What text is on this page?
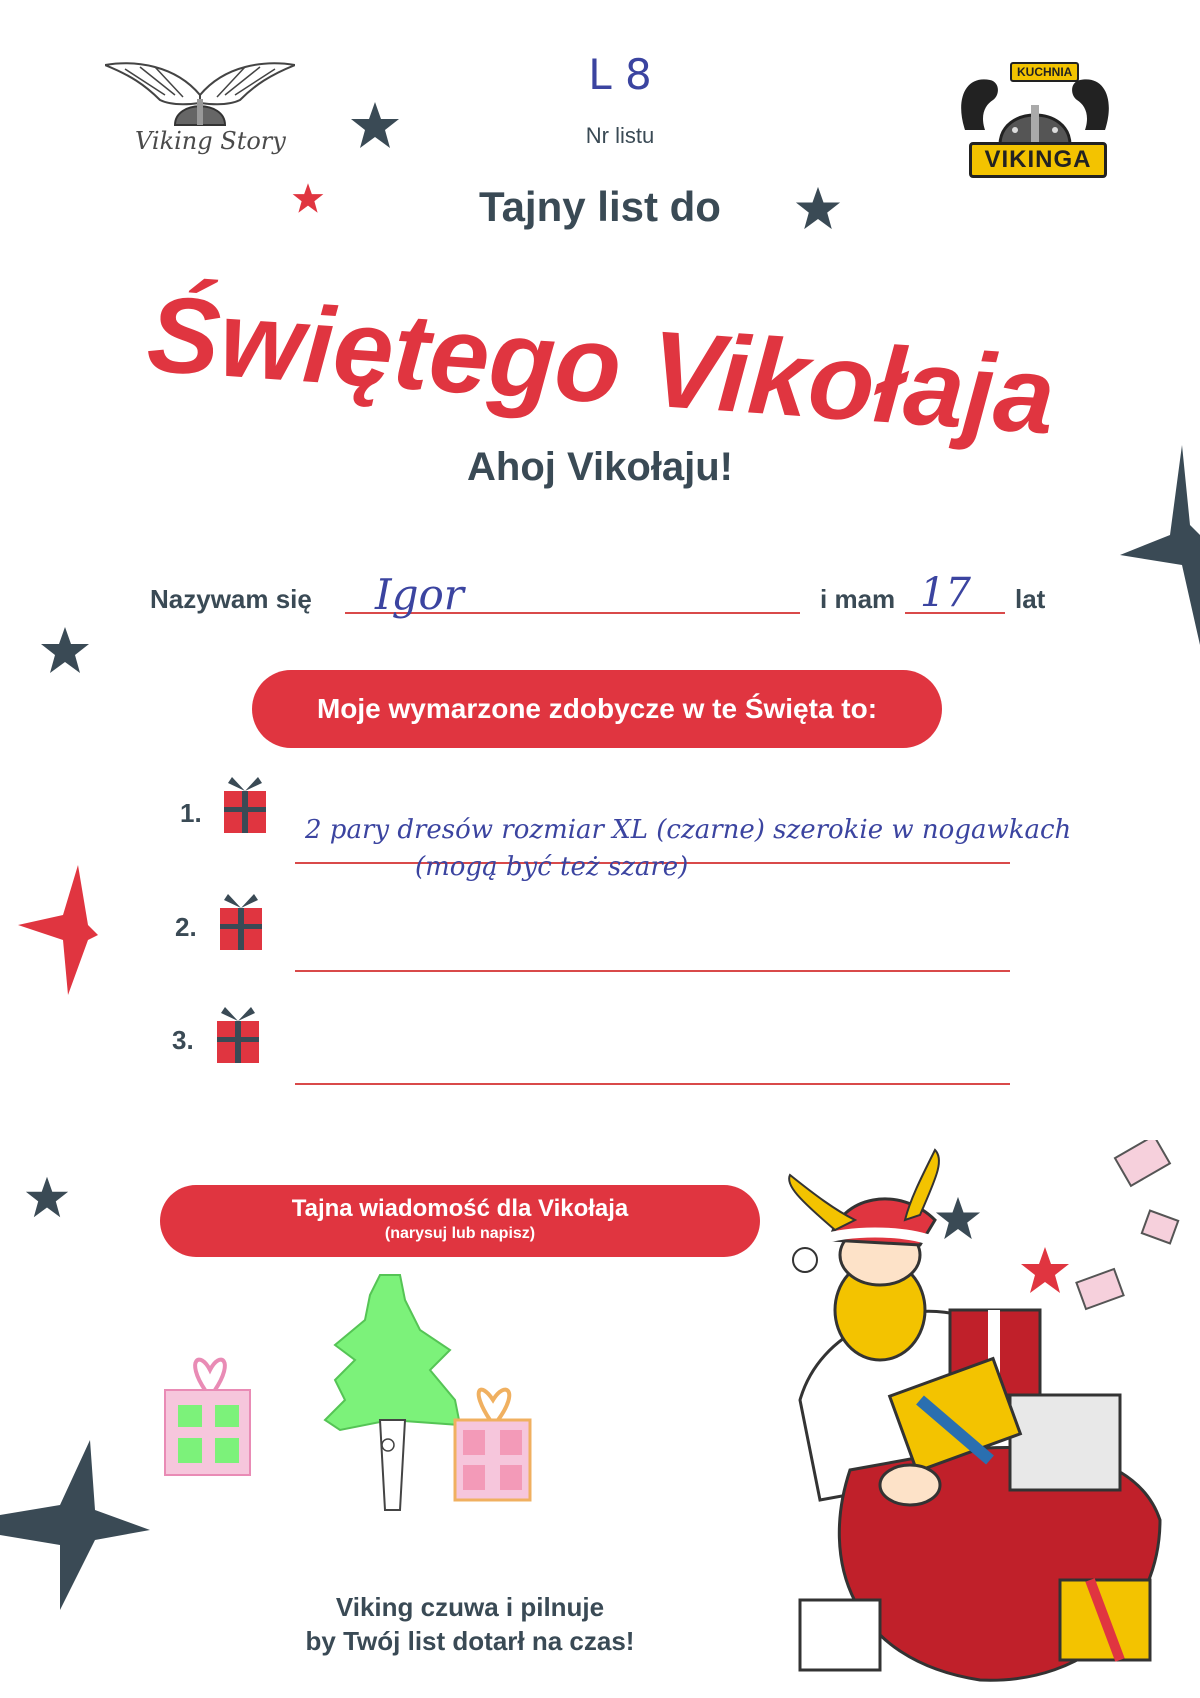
Viking Story
L 8
Nr listu
KUCHNIA
VIKINGA
Tajny list do
Świętego Vikołaja
Ahoj Vikołaju!
Nazywam się Igor	i mam 17 lat
Moje wymarzone zdobycze w te Święta to:
1.
2 pary dresów rozmiar XL (czarne) szerokie w nogawkach
(mogą być też szare)
2.
3.
Tajna wiadomość dla Vikołaja
(narysuj lub napisz)
Viking czuwa i pilnuje
by Twój list dotarł na czas!
